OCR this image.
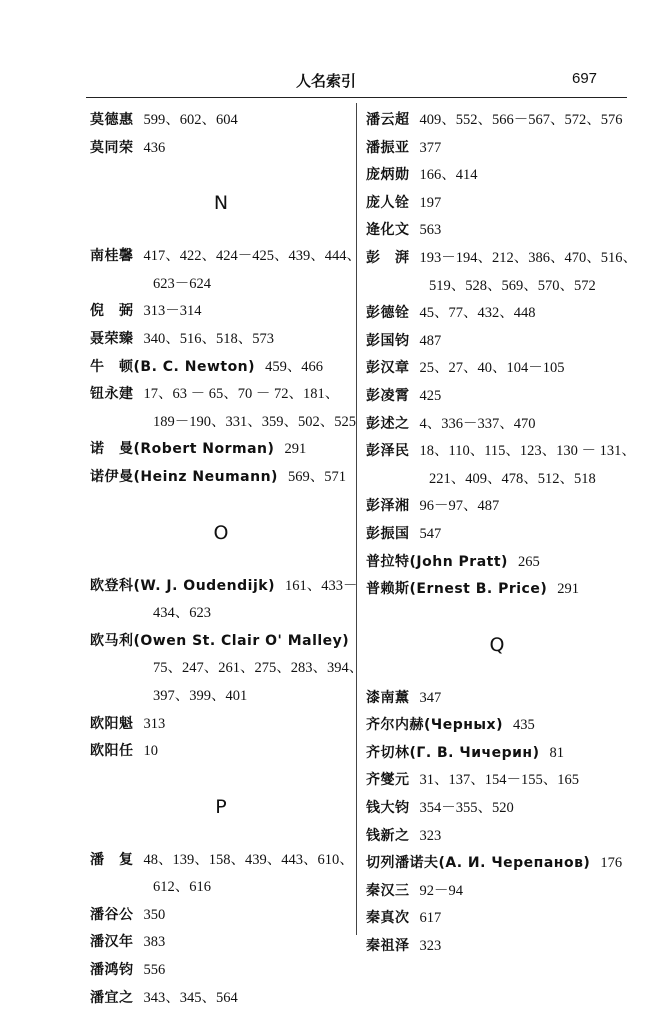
人名索引	697
莫德惠 599、602、604
莫同荣 436
N
南桂馨 417、422、424－425、439、444、
623－624
倪　弼 313－314
聂荣臻 340、516、518、573
牛　顿(B. C. Newton) 459、466
钮永建 17、63 － 65、70 － 72、181、
189－190、331、359、502、525
诺　曼(Robert Norman) 291
诺伊曼(Heinz Neumann) 569、571
O
欧登科(W. J. Oudendijk) 161、433－
434、623
欧马利(Owen St. Clair O' Malley)
75、247、261、275、283、394、
397、399、401
欧阳魁 313
欧阳任 10
P
潘　复 48、139、158、439、443、610、
612、616
潘谷公 350
潘汉年 383
潘鸿钧 556
潘宜之 343、345、564
潘云超 409、552、566－567、572、576
潘振亚 377
庞炳勋 166、414
庞人铨 197
逄化文 563
彭　湃 193－194、212、386、470、516、
519、528、569、570、572
彭德铨 45、77、432、448
彭国钧 487
彭汉章 25、27、40、104－105
彭凌霄 425
彭述之 4、336－337、470
彭泽民 18、110、115、123、130 － 131、
221、409、478、512、518
彭泽湘 96－97、487
彭振国 547
普拉特(John Pratt) 265
普赖斯(Ernest B. Price) 291
Q
漆南薰 347
齐尔内赫(Черных) 435
齐切林(Г. В. Чичерин) 81
齐燮元 31、137、154－155、165
钱大钧 354－355、520
钱新之 323
切列潘诺夫(А. И. Черепанов) 176
秦汉三 92－94
秦真次 617
秦祖泽 323
